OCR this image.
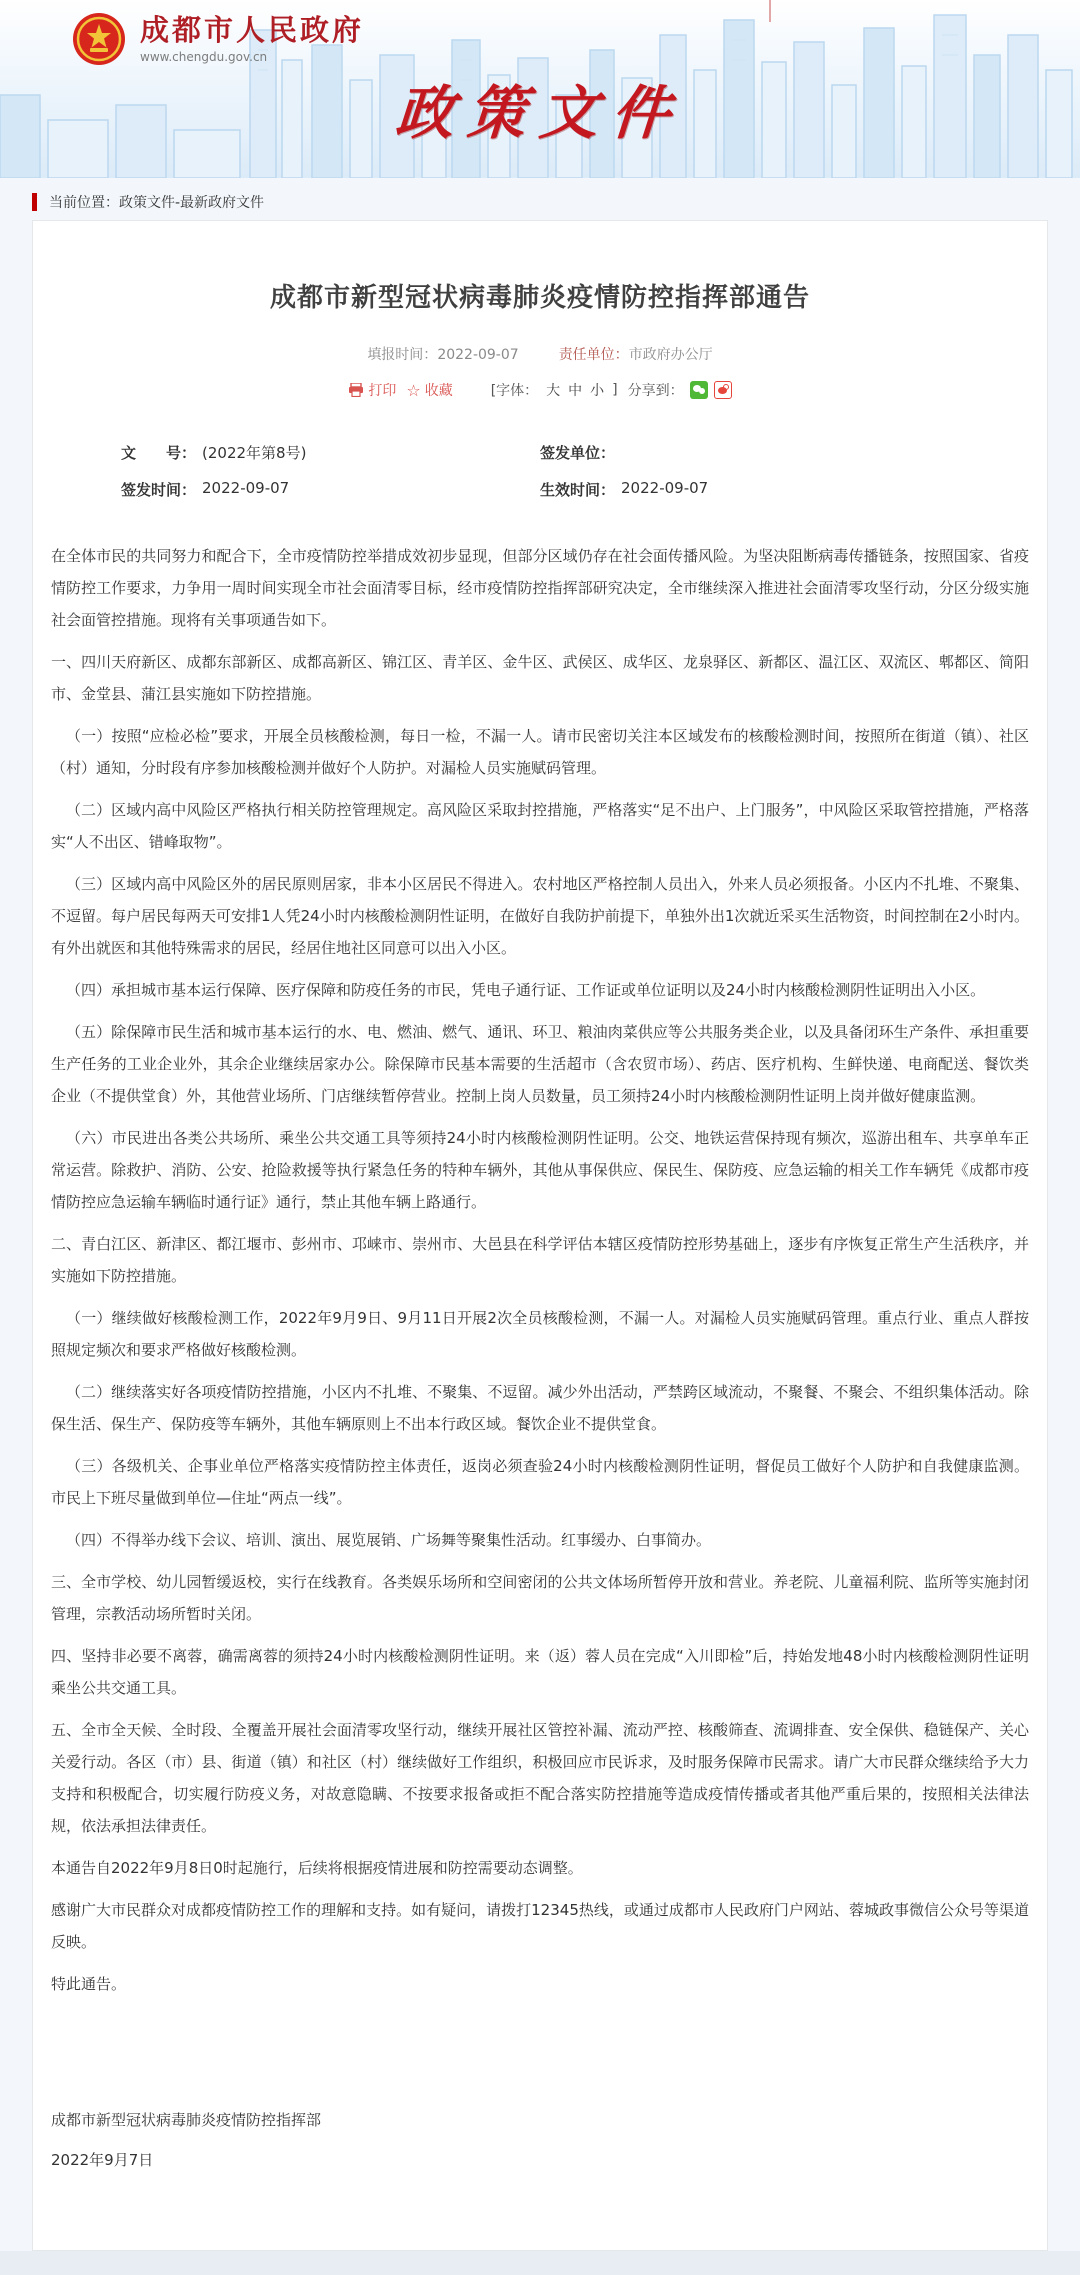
成都市人民政府
www.chengdu.gov.cn
政策文件
当前位置： 政策文件-最新政府文件
成都市新型冠状病毒肺炎疫情防控指挥部通告
填报时间：2022-09-07	责任单位：市政府办公厅
打印 ☆ 收藏	[字体： 大 中 小 ] 分享到：
文　　号： (2022年第8号)	签发单位：
签发时间： 2022-09-07	生效时间： 2022-09-07

在全体市民的共同努力和配合下，全市疫情防控举措成效初步显现，但部分区域仍存在社会面传播风险。为坚决阻断病毒传播链条，按照国家、省疫情防控工作要求，力争用一周时间实现全市社会面清零目标，经市疫情防控指挥部研究决定，全市继续深入推进社会面清零攻坚行动，分区分级实施社会面管控措施。现将有关事项通告如下。

一、四川天府新区、成都东部新区、成都高新区、锦江区、青羊区、金牛区、武侯区、成华区、龙泉驿区、新都区、温江区、双流区、郫都区、简阳市、金堂县、蒲江县实施如下防控措施。

（一）按照“应检必检”要求，开展全员核酸检测，每日一检，不漏一人。请市民密切关注本区域发布的核酸检测时间，按照所在街道（镇）、社区（村）通知，分时段有序参加核酸检测并做好个人防护。对漏检人员实施赋码管理。

（二）区域内高中风险区严格执行相关防控管理规定。高风险区采取封控措施，严格落实“足不出户、上门服务”，中风险区采取管控措施，严格落实“人不出区、错峰取物”。

（三）区域内高中风险区外的居民原则居家，非本小区居民不得进入。农村地区严格控制人员出入，外来人员必须报备。小区内不扎堆、不聚集、不逗留。每户居民每两天可安排1人凭24小时内核酸检测阴性证明，在做好自我防护前提下，单独外出1次就近采买生活物资，时间控制在2小时内。有外出就医和其他特殊需求的居民，经居住地社区同意可以出入小区。

（四）承担城市基本运行保障、医疗保障和防疫任务的市民，凭电子通行证、工作证或单位证明以及24小时内核酸检测阴性证明出入小区。

（五）除保障市民生活和城市基本运行的水、电、燃油、燃气、通讯、环卫、粮油肉菜供应等公共服务类企业，以及具备闭环生产条件、承担重要生产任务的工业企业外，其余企业继续居家办公。除保障市民基本需要的生活超市（含农贸市场）、药店、医疗机构、生鲜快递、电商配送、餐饮类企业（不提供堂食）外，其他营业场所、门店继续暂停营业。控制上岗人员数量，员工须持24小时内核酸检测阴性证明上岗并做好健康监测。

（六）市民进出各类公共场所、乘坐公共交通工具等须持24小时内核酸检测阴性证明。公交、地铁运营保持现有频次，巡游出租车、共享单车正常运营。除救护、消防、公安、抢险救援等执行紧急任务的特种车辆外，其他从事保供应、保民生、保防疫、应急运输的相关工作车辆凭《成都市疫情防控应急运输车辆临时通行证》通行，禁止其他车辆上路通行。

二、青白江区、新津区、都江堰市、彭州市、邛崃市、崇州市、大邑县在科学评估本辖区疫情防控形势基础上，逐步有序恢复正常生产生活秩序，并实施如下防控措施。

（一）继续做好核酸检测工作，2022年9月9日、9月11日开展2次全员核酸检测，不漏一人。对漏检人员实施赋码管理。重点行业、重点人群按照规定频次和要求严格做好核酸检测。

（二）继续落实好各项疫情防控措施，小区内不扎堆、不聚集、不逗留。减少外出活动，严禁跨区域流动，不聚餐、不聚会、不组织集体活动。除保生活、保生产、保防疫等车辆外，其他车辆原则上不出本行政区域。餐饮企业不提供堂食。

（三）各级机关、企事业单位严格落实疫情防控主体责任，返岗必须查验24小时内核酸检测阴性证明，督促员工做好个人防护和自我健康监测。市民上下班尽量做到单位—住址“两点一线”。

（四）不得举办线下会议、培训、演出、展览展销、广场舞等聚集性活动。红事缓办、白事简办。

三、全市学校、幼儿园暂缓返校，实行在线教育。各类娱乐场所和空间密闭的公共文体场所暂停开放和营业。养老院、儿童福利院、监所等实施封闭管理，宗教活动场所暂时关闭。

四、坚持非必要不离蓉，确需离蓉的须持24小时内核酸检测阴性证明。来（返）蓉人员在完成“入川即检”后，持始发地48小时内核酸检测阴性证明乘坐公共交通工具。

五、全市全天候、全时段、全覆盖开展社会面清零攻坚行动，继续开展社区管控补漏、流动严控、核酸筛查、流调排查、安全保供、稳链保产、关心关爱行动。各区（市）县、街道（镇）和社区（村）继续做好工作组织，积极回应市民诉求，及时服务保障市民需求。请广大市民群众继续给予大力支持和积极配合，切实履行防疫义务，对故意隐瞒、不按要求报备或拒不配合落实防控措施等造成疫情传播或者其他严重后果的，按照相关法律法规，依法承担法律责任。

本通告自2022年9月8日0时起施行，后续将根据疫情进展和防控需要动态调整。

感谢广大市民群众对成都疫情防控工作的理解和支持。如有疑问，请拨打12345热线，或通过成都市人民政府门户网站、蓉城政事微信公众号等渠道反映。

特此通告。

成都市新型冠状病毒肺炎疫情防控指挥部
2022年9月7日
